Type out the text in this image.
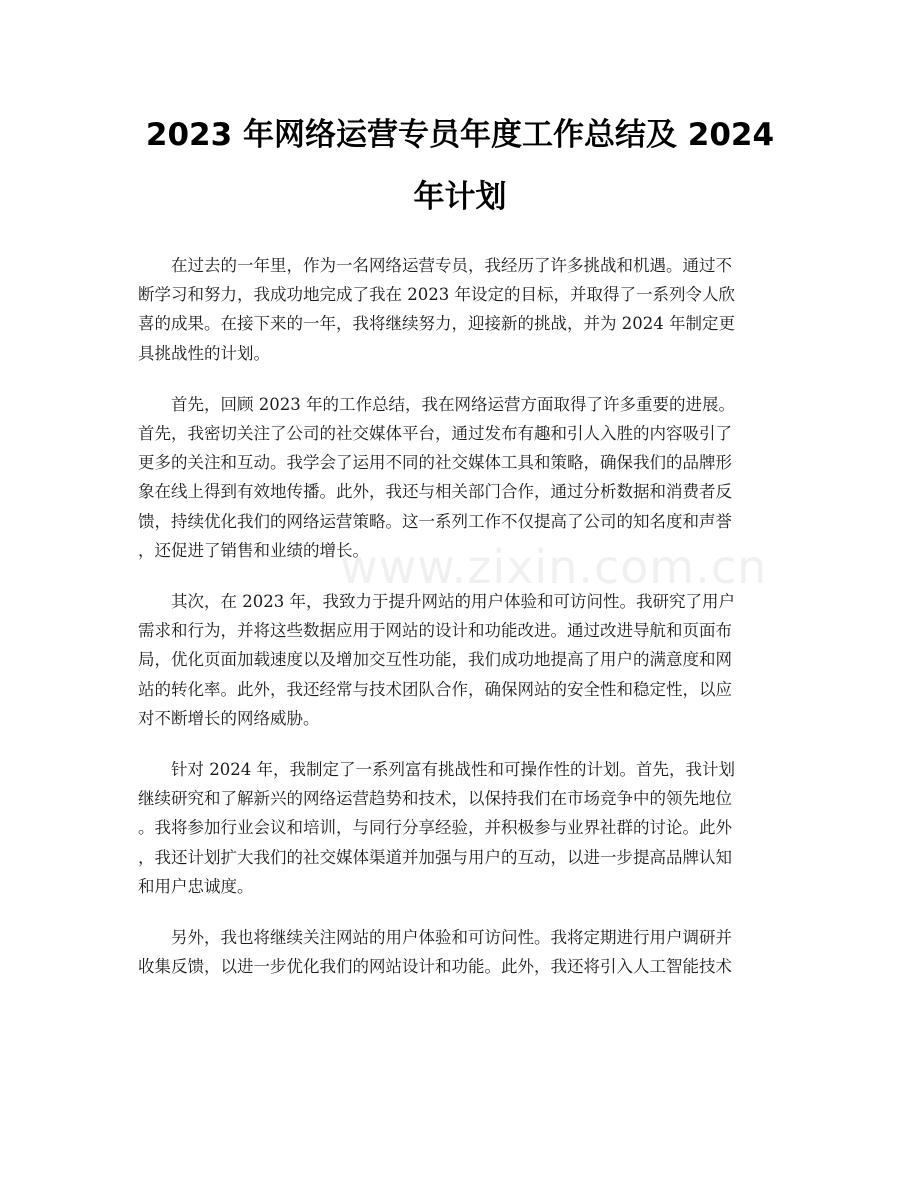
2023 年网络运营专员年度工作总结及 2024
年计划
www.zixin.com.cn
在过去的一年里，作为一名网络运营专员，我经历了许多挑战和机遇。通过不
断学习和努力，我成功地完成了我在 2023 年设定的目标，并取得了一系列令人欣
喜的成果。在接下来的一年，我将继续努力，迎接新的挑战，并为 2024 年制定更
具挑战性的计划。
首先，回顾 2023 年的工作总结，我在网络运营方面取得了许多重要的进展。
首先，我密切关注了公司的社交媒体平台，通过发布有趣和引人入胜的内容吸引了
更多的关注和互动。我学会了运用不同的社交媒体工具和策略，确保我们的品牌形
象在线上得到有效地传播。此外，我还与相关部门合作，通过分析数据和消费者反
馈，持续优化我们的网络运营策略。这一系列工作不仅提高了公司的知名度和声誉
，还促进了销售和业绩的增长。
其次，在 2023 年，我致力于提升网站的用户体验和可访问性。我研究了用户
需求和行为，并将这些数据应用于网站的设计和功能改进。通过改进导航和页面布
局，优化页面加载速度以及增加交互性功能，我们成功地提高了用户的满意度和网
站的转化率。此外，我还经常与技术团队合作，确保网站的安全性和稳定性，以应
对不断增长的网络威胁。
针对 2024 年，我制定了一系列富有挑战性和可操作性的计划。首先，我计划
继续研究和了解新兴的网络运营趋势和技术，以保持我们在市场竞争中的领先地位
。我将参加行业会议和培训，与同行分享经验，并积极参与业界社群的讨论。此外
，我还计划扩大我们的社交媒体渠道并加强与用户的互动，以进一步提高品牌认知
和用户忠诚度。
另外，我也将继续关注网站的用户体验和可访问性。我将定期进行用户调研并
收集反馈，以进一步优化我们的网站设计和功能。此外，我还将引入人工智能技术
